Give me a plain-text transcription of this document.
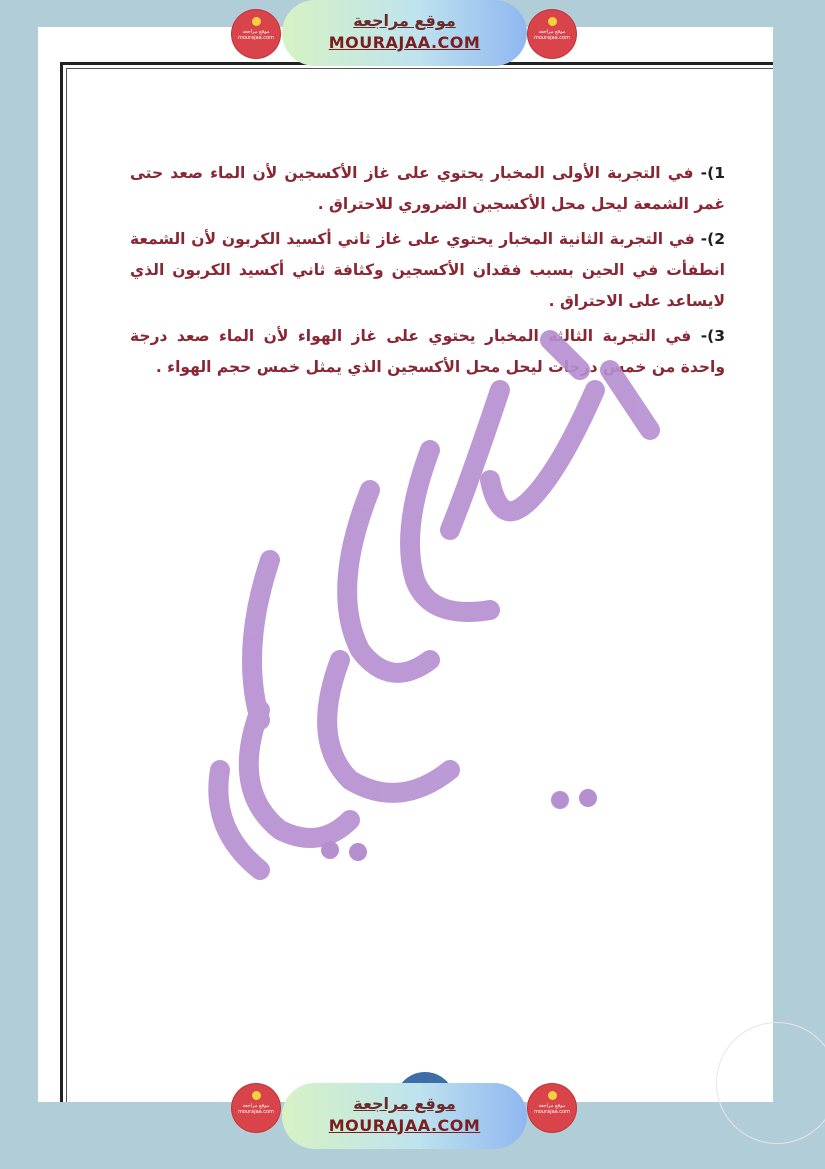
موقع مراجعة
mourajaa.com
موقع مراجعة
MOURAJAA.COM
موقع مراجعة
mourajaa.com

1)- في التجربة الأولى المخبار يحتوي على غاز الأكسجين لأن الماء صعد حتى غمر الشمعة ليحل محل الأكسجين الضروري للاحتراق .

2)- في التجربة الثانية المخبار يحتوي على غاز ثاني أكسيد الكربون لأن الشمعة انطفأت في الحين بسبب فقدان الأكسجين وكثافة ثاني أكسيد الكربون الذي لايساعد على الاحتراق .

3)- في التجربة الثالثة المخبار يحتوي على غاز الهواء لأن الماء صعد درجة واحدة من خمس درجات ليحل محل الأكسجين الذي يمثل خمس حجم الهواء .

موقع مراجعة
mourajaa.com	موقع مراجعة
MOURAJAA.COM
موقع مراجعة
mourajaa.com
